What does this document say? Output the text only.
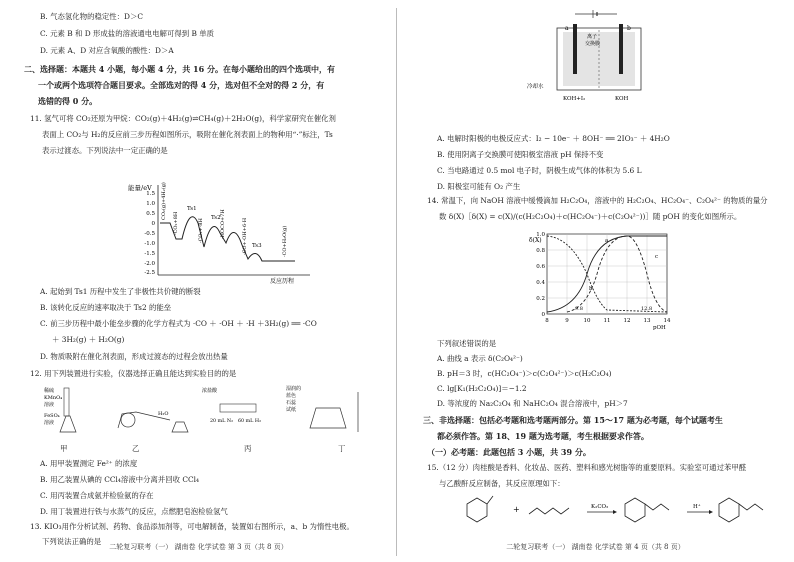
B. 气态氢化物的稳定性：D＞C
C. 元素 B 和 D 形成盐的溶液通电电解可得到 B 单质
D. 元素 A、D 对应含氧酸的酸性：D＞A
二、选择题：本题共 4 小题，每小题 4 分，共 16 分。在每小题给出的四个选项中，有
一个或两个选项符合题目要求。全部选对的得 4 分，选对但不全对的得 2 分，有
选错的得 0 分。
11. 氢气可将 CO₂还原为甲烷：CO₂(g)＋4H₂(g)⇌CH₄(g)＋2H₂O(g)，科学家研究在催化剂
表面上 CO₂与 H₂的反应前三步历程如图所示，吸附在催化剂表面上的物种用“·”标注，Ts
表示过渡态。下列说法中一定正确的是
能量/eV
1.5
1.0
0.5
0
-0.5
-1.0
-1.5
-2.0
-2.5
Ts1
Ts2
Ts3
CO₂(g)+4H₂(g)
·CO₂+8H	·CO₂+·8H	·HOCO+7H	·CO+·OH+6·H	·CO+H₂O(g)
反应历程
A. 起始到 Ts1 历程中发生了非极性共价键的断裂
B. 该转化反应的速率取决于 Ts2 的能垒
C. 前三步历程中最小能垒步骤的化学方程式为 ·CO ＋ ·OH ＋ ·H ＋3H₂(g) ══ ·CO
＋ 3H₂(g) ＋ H₂O(g)
D. 物质吸附在催化剂表面，形成过渡态的过程会放出热量
12. 用下列装置进行实验，仪器选择正确且能达到实验目的的是
稀硫
KMnO₄
溶液
FeSO₄
溶液
H₂O
浓盐酸
20 mL N₂ 60 mL H₂
湿润的
蓝色
石蕊
试纸
甲	乙	丙	丁
A. 用甲装置测定 Fe²⁺ 的浓度
B. 用乙装置从碘的 CCl₄溶液中分离并回收 CCl₄
C. 用丙装置合成氨并检验氨的存在
D. 用丁装置进行铁与水蒸气的反应，点燃肥皂泡检验氢气
13. KIO₃用作分析试剂、药物、食品添加剂等，可电解制备，装置如右图所示，a、b 为惰性电极。
下列说法正确的是
二轮复习联考（一） 湖南卷 化学试卷 第 3 页（共 8 页）
a	b
离子
交换膜
冷却水
KOH+I₂	KOH
A. 电解时阳极的电极反应式：I₂ − 10e⁻ ＋ 8OH⁻ ══ 2IO₃⁻ ＋ 4H₂O
B. 使用阴离子交换膜可使阳极室溶液 pH 保持不变
C. 当电路通过 0.5 mol 电子时，阴极生成气体的体积为 5.6 L
D. 阳极室可能有 O₂ 产生
14. 常温下，向 NaOH 溶液中缓慢滴加 H₂C₂O₄，溶液中的 H₂C₂O₄、HC₂O₄⁻、C₂O₄²⁻ 的物质的量分
数 δ(X)［δ(X) = c(X)/(c(H₂C₂O₄)＋c(HC₂O₄⁻)＋c(C₂O₄²⁻))］随 pOH 的变化如图所示。
δ(X)
1.0
0.8
0.6
0.4
0.2
0
a
b
c
9.8	12.8
8	9	10 11 12 13 14
pOH
下列叙述错误的是
A. 曲线 a 表示 δ(C₂O₄²⁻)
B. pH＝3 时，c(HC₂O₄⁻)＞c(C₂O₄²⁻)＞c(H₂C₂O₄)
C. lg[K₁(H₂C₂O₄)]＝−1.2
D. 等浓度的 Na₂C₂O₄ 和 NaHC₂O₄ 混合溶液中，pH＞7
三、非选择题：包括必考题和选考题两部分。第 15～17 题为必考题，每个试题考生
都必须作答。第 18、19 题为选考题，考生根据要求作答。
（一）必考题：此题包括 3 小题，共 39 分。
15.（12 分）肉桂酸是香料、化妆品、医药、塑料和感光树脂等的重要原料。实验室可通过苯甲醛
与乙酸酐反应制备，其反应原理如下：
+	K₂CO₃	H⁺
二轮复习联考（一） 湖南卷 化学试卷 第 4 页（共 8 页）
